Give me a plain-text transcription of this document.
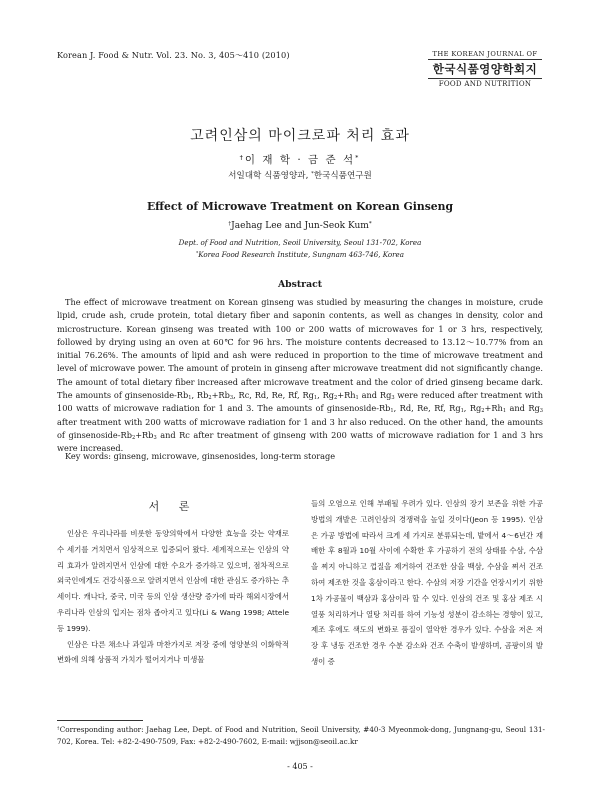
Korean J. Food & Nutr. Vol. 23. No. 3, 405～410 (2010)	THE KOREAN JOURNAL OF
한국식품영양학회지
FOOD AND NUTRITION
고려인삼의 마이크로파 처리 효과
†이 재 학 · 금 준 석*
서일대학 식품영양과, *한국식품연구원
Effect of Microwave Treatment on Korean Ginseng
†Jaehag Lee and Jun-Seok Kum*
Dept. of Food and Nutrition, Seoil University, Seoul 131-702, Korea
*Korea Food Research Institute, Sungnam 463-746, Korea
Abstract
The effect of microwave treatment on Korean ginseng was studied by measuring the changes in moisture, crude lipid, crude ash, crude protein, total dietary fiber and saponin contents, as well as changes in density, color and microstructure. Korean ginseng was treated with 100 or 200 watts of microwaves for 1 or 3 hrs, respectively, followed by drying using an oven at 60℃ for 96 hrs. The moisture contents decreased to 13.12～10.77% from an initial 76.26%. The amounts of lipid and ash were reduced in proportion to the time of microwave treatment and level of microwave power. The amount of protein in ginseng after microwave treatment did not significantly change. The amount of total dietary fiber increased after microwave treatment and the color of dried ginseng became dark. The amounts of ginsenoside-$Rb_1$, $Rb_2+Rb_3$, Rc, Rd, Re, Rf, $Rg_1$, $Rg_2+Rh_1$ and $Rg_3$ were reduced after treatment with 100 watts of microwave radiation for 1 and 3. The amounts of ginsenoside-$Rb_1$, Rd, Re, Rf, $Rg_1$, $Rg_2+Rh_1$ and $Rg_3$ after treatment with 200 watts of microwave radiation for 1 and 3 hr also reduced. On the other hand, the amounts of ginsenoside-$Rb_2+Rb_3$ and Rc after treatment of ginseng with 200 watts of microwave radiation for 1 and 3 hrs were increased.
Key words: ginseng, microwave, ginsenosides, long-term storage
서 론

인삼은 우리나라를 비롯한 동양의학에서 다양한 효능을 갖는 약재로 수 세기를 거치면서 임상적으로 입증되어 왔다. 세계적으로는 인삼의 약리 효과가 알려지면서 인삼에 대한 수요가 증가하고 있으며, 점차적으로 외국인에게도 건강식품으로 알려지면서 인삼에 대한 관심도 증가하는 추세이다. 캐나다, 중국, 미국 등의 인삼 생산량 증가에 따라 해외시장에서 우리나라 인삼의 입지는 점차 좁아지고 있다(Li & Wang 1998; Attele 등 1999).

인삼은 다른 채소나 과일과 마찬가지로 저장 중에 영양분의 이화학적 변화에 의해 상품적 가치가 떨어지거나 미생물

들의 오염으로 인해 부패될 우려가 있다. 인삼의 장기 보존을 위한 가공 방법의 개발은 고려인삼의 경쟁력을 높일 것이다(Jeon 등 1995). 인삼은 가공 방법에 따라서 크게 세 가지로 분류되는데, 밭에서 4～6년간 재배한 후 8월과 10월 사이에 수확한 후 가공하기 전의 상태를 수삼, 수삼을 찌지 아니하고 껍질을 제거하여 건조한 삼을 백삼, 수삼을 쪄서 건조하여 제조한 것을 홍삼이라고 한다. 수삼의 저장 기간을 연장시키기 위한 1차 가공물이 백삼과 홍삼이라 할 수 있다. 인삼의 건조 및 홍삼 제조 시 열풍 처리하거나 열탕 처리를 하여 기능성 성분이 감소하는 경향이 있고, 제조 후에도 색도의 변화로 품질이 열악한 경우가 있다. 수삼을 저온 저장 후 냉동 건조한 경우 수분 감소와 건조 수축이 발생하며, 곰팡이의 발생이 증

†Corresponding author: Jaehag Lee, Dept. of Food and Nutrition, Seoil University, #40-3 Myeonmok-dong, Jungnang-gu, Seoul 131-702, Korea. Tel: +82-2-490-7509, Fax: +82-2-490-7602, E-mail: wjjson@seoil.ac.kr
- 405 -
